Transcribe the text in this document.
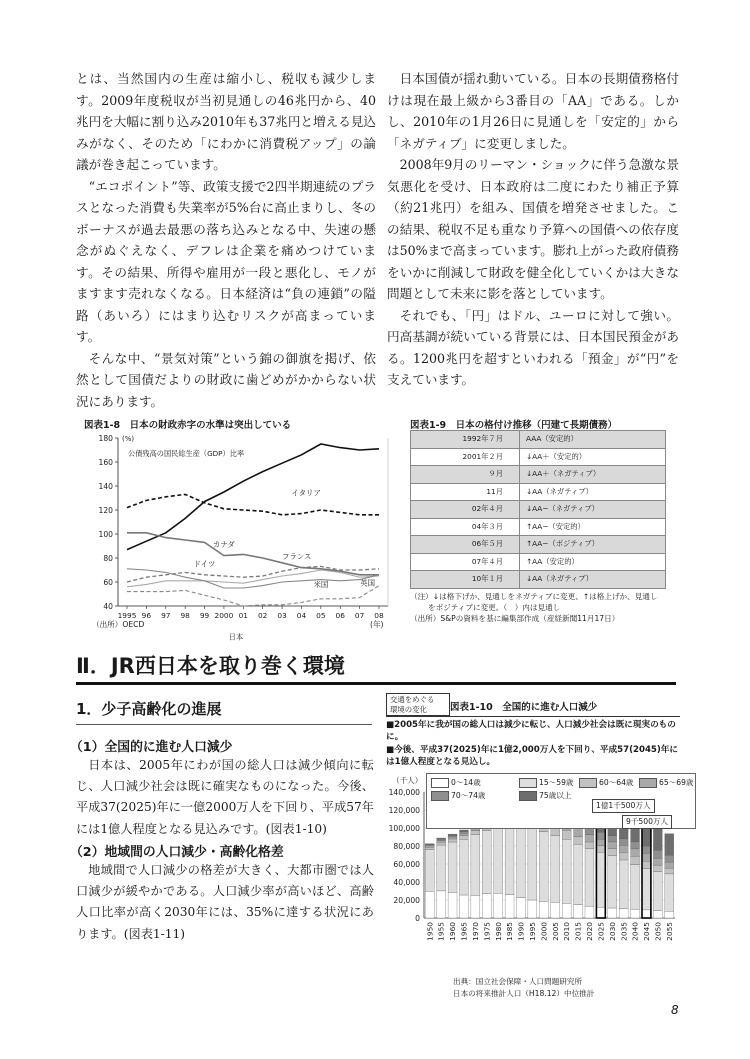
とは、当然国内の生産は縮小し、税収も減少します。2009年度税収が当初見通しの46兆円から、40兆円を大幅に割り込み2010年も37兆円と増える見込みがなく、そのため「にわかに消費税アップ」の論議が巻き起こっています。

“エコポイント”等、政策支援で2四半期連続のプラスとなった消費も失業率が5%台に高止まりし、冬のボーナスが過去最悪の落ち込みとなる中、失速の懸念がぬぐえなく、デフレは企業を痛めつけています。その結果、所得や雇用が一段と悪化し、モノがますます売れなくなる。日本経済は“負の連鎖”の隘路（あいろ）にはまり込むリスクが高まっています。

そんな中、“景気対策”という錦の御旗を掲げ、依然として国債だよりの財政に歯どめがかからない状況にあります。

日本国債が揺れ動いている。日本の長期債務格付けは現在最上級から3番目の「AA」である。しかし、2010年の1月26日に見通しを「安定的」から「ネガティブ」に変更しました。

2008年9月のリーマン・ショックに伴う急激な景気悪化を受け、日本政府は二度にわたり補正予算（約21兆円）を組み、国債を増発させました。この結果、税収不足も重なり予算への国債への依存度は50%まで高まっています。膨れ上がった政府債務をいかに削減して財政を健全化していくかは大きな問題として未来に影を落としています。

それでも、「円」はドル、ユーロに対して強い。円高基調が続いている背景には、日本国民預金がある。1200兆円を超すといわれる「預金」が“円”を支えています。

図表1-8　日本の財政赤字の水準は突出している
40
60
80
100
120
140
160
180 (%)
公債残高の国民総生産（GDP）比率
1995 96 97 98 99 2000 01 02 03 04 05 06 07 08
日本
イタリア
カナダ
フランス
ドイツ
米国	英国
（出所）OECD	(年)
図表1-9　日本の格付け推移（円建て長期債務）
1992年７月	AAA（安定的）
2001年２月	↓AA＋（安定的）
９月	↓AA＋（ネガティブ）
11月	↓AA（ネガティブ）
02年４月	↓AA−（ネガティブ）
04年３月	↑AA−（安定的）
06年５月	↑AA−（ポジティブ）
07年４月	↑AA（安定的）
10年１月	↓AA（ネガティブ）
（注）↓は格下げか、見通しをネガティブに変更、↑は格上げか、見通し
をポジティブに変更。（　）内は見通し
（出所）S&Pの資料を基に編集部作成（産経新聞11月17日）
Ⅱ．JR西日本を取り巻く環境
1．少子高齢化の進展
（1）全国的に進む人口減少

日本は、2005年にわが国の総人口は減少傾向に転じ、人口減少社会は既に確実なものになった。今後、平成37(2025)年に一億2000万人を下回り、平成57年には1億人程度となる見込みです。(図表1-10)

（2）地域間の人口減少・高齢化格差

地域間で人口減少の格差が大きく、大都市圏では人口減少が緩やかである。人口減少率が高いほど、高齢人口比率が高く2030年には、35%に達する状況にあります。(図表1-11)

交通をめぐる
環境の変化	図表1-10　全国的に進む人口減少
■2005年に我が国の総人口は減少に転じ、人口減少社会は既に現実のものに。
■今後、平成37(2025)年に1億2,000万人を下回り、平成57(2045)年には1億人程度となる見込し。
（千人）
0
20,000
40,000
60,000
80,000
100,000
120,000
140,000
1950 1955 1960 1965 1970 1975 1980 1985 1990 1995 2000 2005 2010 2015 2020 2025 2030 2035 2040 2045 2050 2055
0〜14歳	15〜59歳	60〜64歳	65〜69歳
70〜74歳	75歳以上
1億1千500万人
9千500万人
出典：国立社会保障・人口問題研究所
日本の将来推計人口（H18.12）中位推計
8
